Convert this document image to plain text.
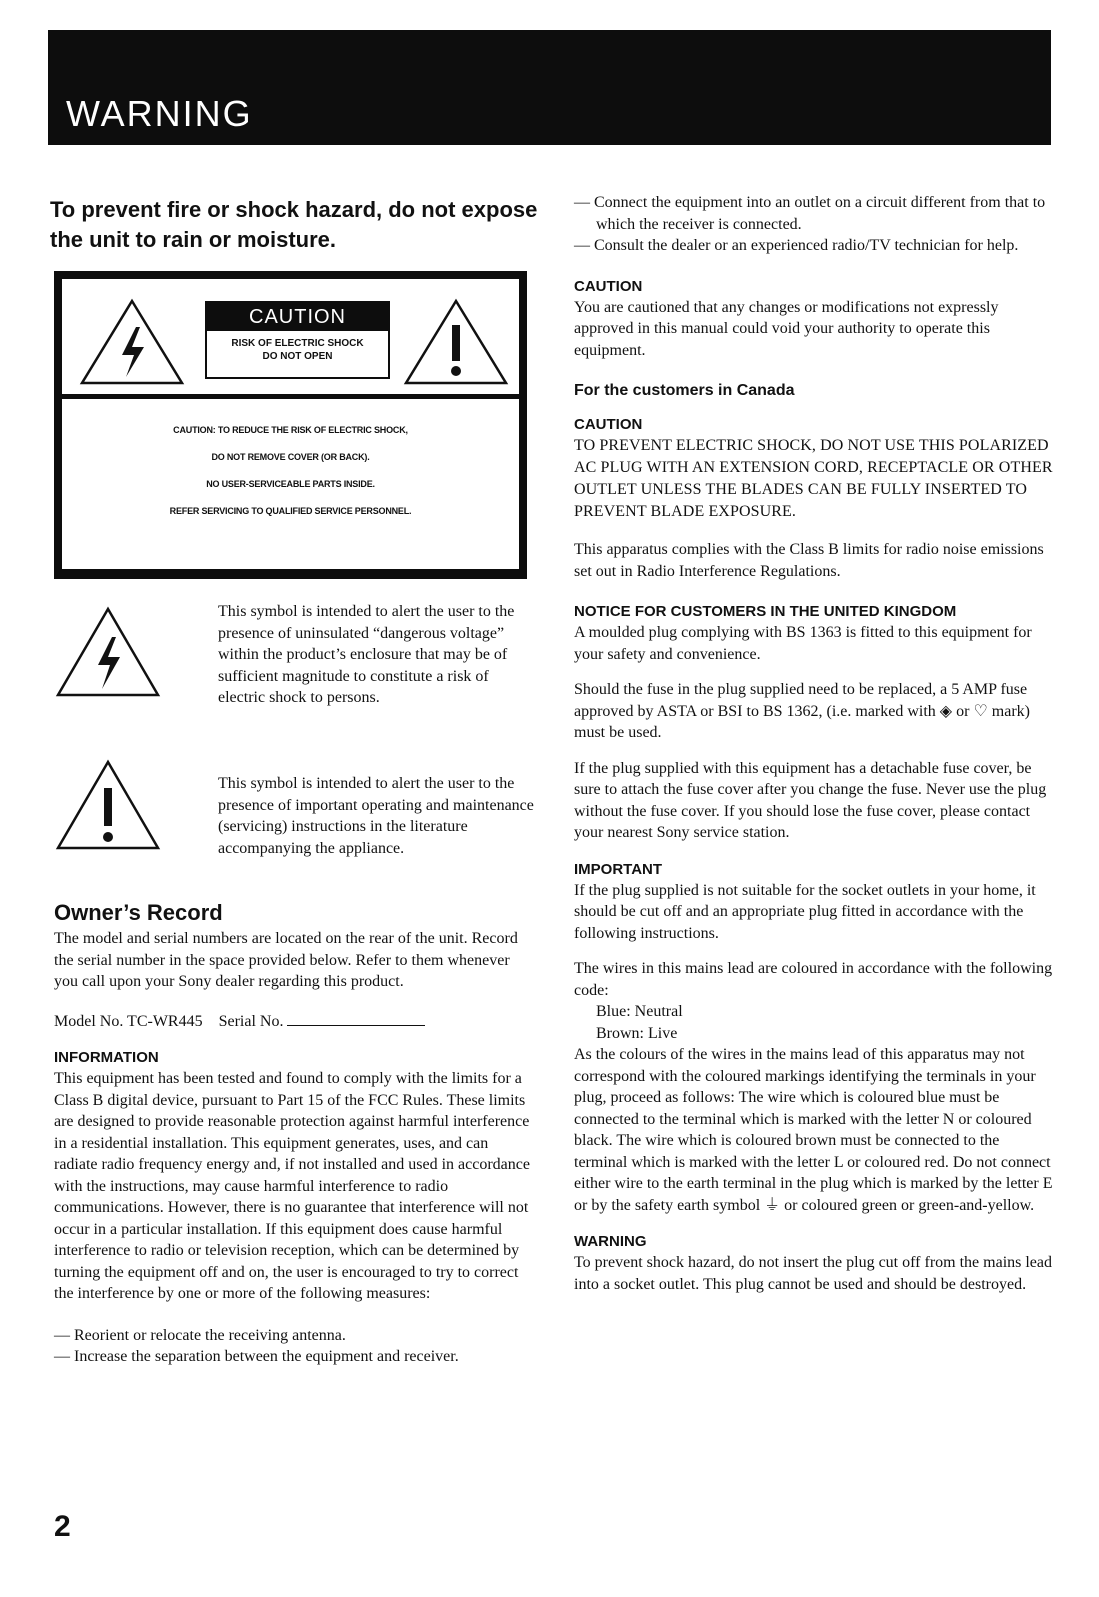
WARNING
To prevent fire or shock hazard, do not expose the unit to rain or moisture.
CAUTION
RISK OF ELECTRIC SHOCK
DO NOT OPEN
CAUTION: TO REDUCE THE RISK OF ELECTRIC SHOCK,
DO NOT REMOVE COVER (OR BACK).
NO USER-SERVICEABLE PARTS INSIDE.
REFER SERVICING TO QUALIFIED SERVICE PERSONNEL.
This symbol is intended to alert the user to the presence of uninsulated “dangerous voltage” within the product’s enclosure that may be of sufficient magnitude to constitute a risk of electric shock to persons.
This symbol is intended to alert the user to the presence of important operating and maintenance (servicing) instructions in the literature accompanying the appliance.
Owner’s Record

The model and serial numbers are located on the rear of the unit. Record the serial number in the space provided below. Refer to them whenever you call upon your Sony dealer regarding this product.

Model No. TC-WR445 Serial No.

INFORMATION

This equipment has been tested and found to comply with the limits for a Class B digital device, pursuant to Part 15 of the FCC Rules. These limits are designed to provide reasonable protection against harmful interference in a residential installation. This equipment generates, uses, and can radiate radio frequency energy and, if not installed and used in accordance with the instructions, may cause harmful interference to radio communications. However, there is no guarantee that interference will not occur in a particular installation. If this equipment does cause harmful interference to radio or television reception, which can be determined by turning the equipment off and on, the user is encouraged to try to correct the interference by one or more of the following measures:

— Reorient or relocate the receiving antenna.

— Increase the separation between the equipment and receiver.

— Connect the equipment into an outlet on a circuit different from that to which the receiver is connected.

— Consult the dealer or an experienced radio/TV technician for help.

CAUTION

You are cautioned that any changes or modifications not expressly approved in this manual could void your authority to operate this equipment.

For the customers in Canada
CAUTION

TO PREVENT ELECTRIC SHOCK, DO NOT USE THIS POLARIZED AC PLUG WITH AN EXTENSION CORD, RECEPTACLE OR OTHER OUTLET UNLESS THE BLADES CAN BE FULLY INSERTED TO PREVENT BLADE EXPOSURE.

This apparatus complies with the Class B limits for radio noise emissions set out in Radio Interference Regulations.

NOTICE FOR CUSTOMERS IN THE UNITED KINGDOM

A moulded plug complying with BS 1363 is fitted to this equipment for your safety and convenience.

Should the fuse in the plug supplied need to be replaced, a 5 AMP fuse approved by ASTA or BSI to BS 1362, (i.e. marked with ◈ or ♡ mark) must be used.

If the plug supplied with this equipment has a detachable fuse cover, be sure to attach the fuse cover after you change the fuse. Never use the plug without the fuse cover. If you should lose the fuse cover, please contact your nearest Sony service station.

IMPORTANT

If the plug supplied is not suitable for the socket outlets in your home, it should be cut off and an appropriate plug fitted in accordance with the following instructions.

The wires in this mains lead are coloured in accordance with the following code:

Blue: Neutral

Brown: Live

As the colours of the wires in the mains lead of this apparatus may not correspond with the coloured markings identifying the terminals in your plug, proceed as follows: The wire which is coloured blue must be connected to the terminal which is marked with the letter N or coloured black. The wire which is coloured brown must be connected to the terminal which is marked with the letter L or coloured red. Do not connect either wire to the earth terminal in the plug which is marked by the letter E or by the safety earth symbol ⏚ or coloured green or green-and-yellow.

WARNING

To prevent shock hazard, do not insert the plug cut off from the mains lead into a socket outlet. This plug cannot be used and should be destroyed.

2
